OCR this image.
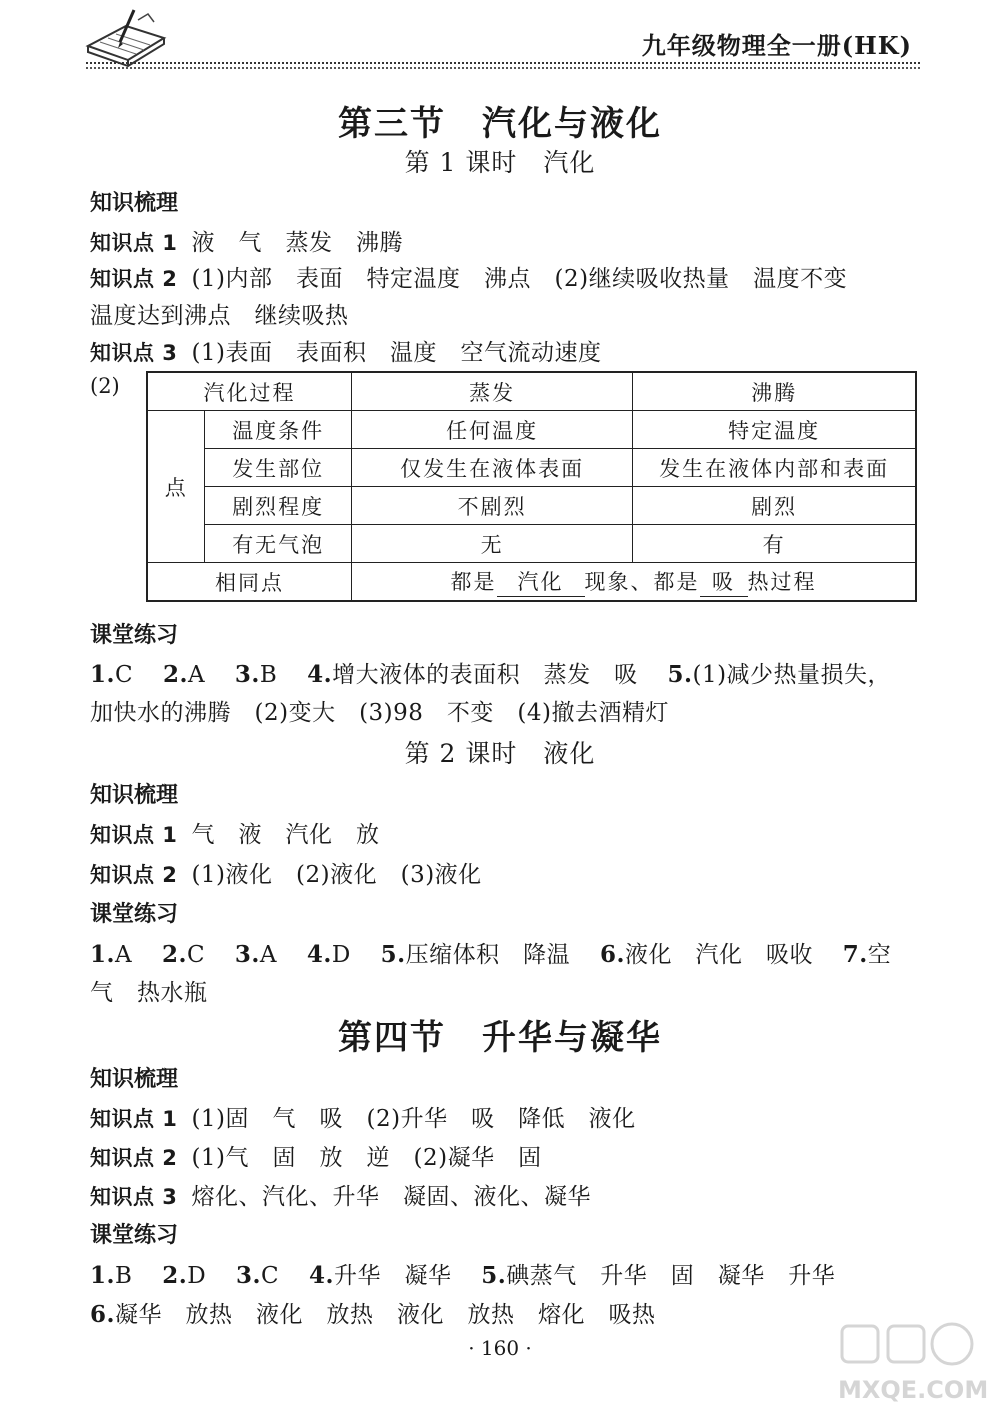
九年级物理全一册(HK)
第三节　汽化与液化
第 1 课时　汽化
知识梳理
知识点 1 液　气　蒸发　沸腾
知识点 2 (1)内部　表面　特定温度　沸点　(2)继续吸收热量　温度不变
温度达到沸点　继续吸热
知识点 3 (1)表面　表面积　温度　空气流动速度
(2)	汽化过程		蒸发	沸腾
点	温度条件	任何温度	特定温度
	发生部位	仅发生在液体表面	发生在液体内部和表面
	剧烈程度	不剧烈	剧烈
	有无气泡	无	有
相同点		都是 汽化 现象、都是 吸 热过程	
课堂练习
1.C 2.A 3.B 4.增大液体的表面积　蒸发　吸 5.(1)减少热量损失，
加快水的沸腾　(2)变大　(3)98　不变　(4)撤去酒精灯
第 2 课时　液化
知识梳理
知识点 1 气　液　汽化　放
知识点 2 (1)液化　(2)液化　(3)液化
课堂练习
1.A 2.C 3.A 4.D 5.压缩体积　降温 6.液化　汽化　吸收 7.空
气　热水瓶
第四节　升华与凝华
知识梳理
知识点 1 (1)固　气　吸　(2)升华　吸　降低　液化
知识点 2 (1)气　固　放　逆　(2)凝华　固
知识点 3 熔化、汽化、升华　凝固、液化、凝华
课堂练习
1.B 2.D 3.C 4.升华　凝华 5.碘蒸气　升华　固　凝华　升华
6.凝华　放热　液化　放热　液化　放热　熔化　吸热
· 160 ·
MXQE.COM
